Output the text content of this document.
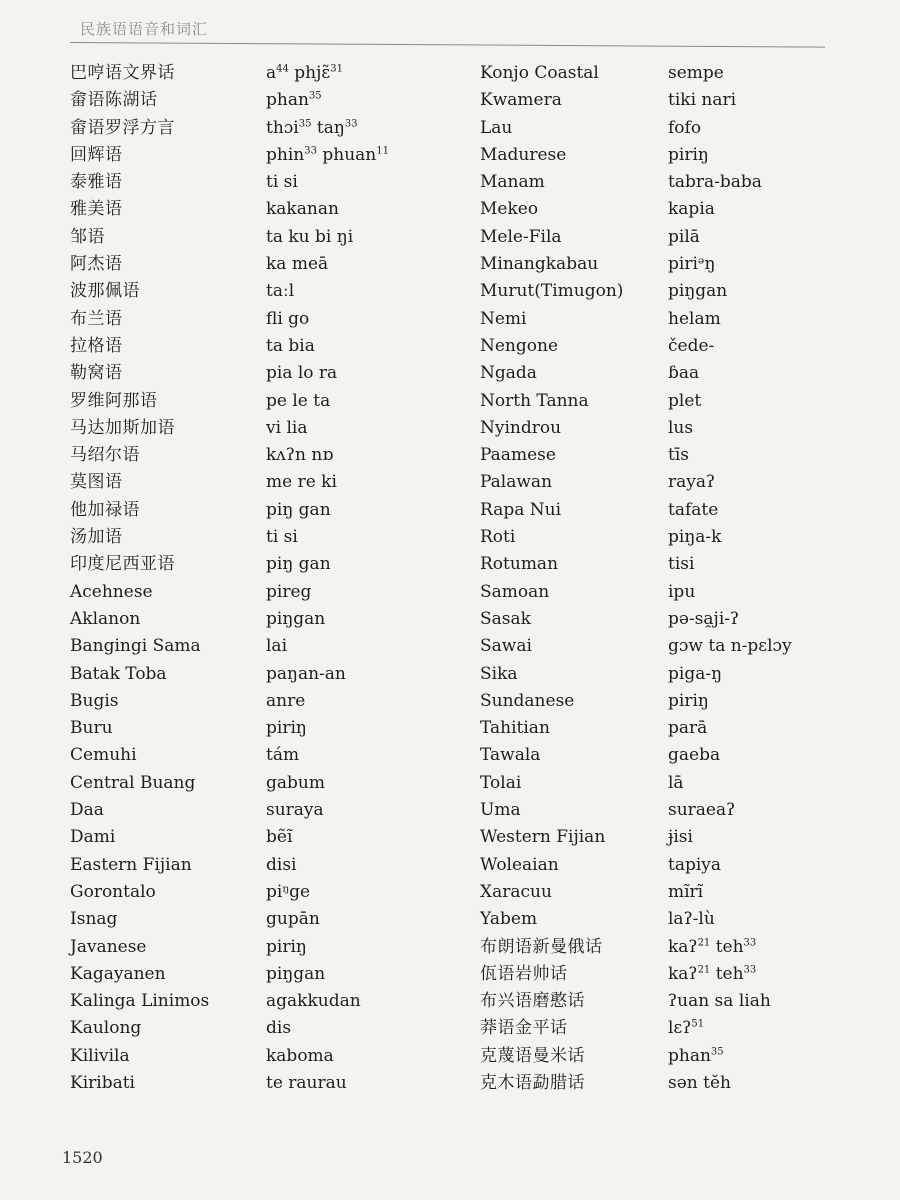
民族语语音和词汇
巴哼语文界话
畲语陈湖话
畲语罗浮方言
回辉语
泰雅语
雅美语
邹语
阿杰语
波那佩语
布兰语
拉格语
勒窝语
罗维阿那语
马达加斯加语
马绍尔语
莫图语
他加禄语
汤加语
印度尼西亚语
Acehnese
Aklanon
Bangingi Sama
Batak Toba
Bugis
Buru
Cemuhi
Central Buang
Daa
Dami
Eastern Fijian
Gorontalo
Isnag
Javanese
Kagayanen
Kalinga Linimos
Kaulong
Kilivila
Kiribati
$a^{44}$ phjɛ̃$^{31}$
phan$^{35}$
thɔi$^{35}$ taŋ$^{33}$
phin$^{33}$ phuan$^{11}$
ti si
kakanan
ta ku bi ŋi
ka meā
taːl
fli go
ta bia
pia lo ra
pe le ta
vi lia
kʌʔn nɒ
me re ki
piŋ gan
ti si
piŋ gan
pireg
piŋgan
lai
paŋan-an
anre
piriŋ
tám
gabum
suraya
bẽĩ
disi
piᵑge
gupān
piriŋ
piŋgan
agakkudan
dis
kaboma
te raurau
Konjo Coastal
Kwamera
Lau
Madurese
Manam
Mekeo
Mele-Fila
Minangkabau
Murut(Timugon)
Nemi
Nengone
Ngada
North Tanna
Nyindrou
Paamese
Palawan
Rapa Nui
Roti
Rotuman
Samoan
Sasak
Sawai
Sika
Sundanese
Tahitian
Tawala
Tolai
Uma
Western Fijian
Woleaian
Xaracuu
Yabem
布朗语新曼俄话
佤语岩帅话
布兴语磨憨话
莽语金平话
克蔑语曼米话
克木语勐腊话
sempe
tiki nari
fofo
piriŋ
tabra-baba
kapia
pilā
piriᵊŋ
piŋgan
helam
čede-
ɓaa
plet
lus
tīs
rayaʔ
tafate
piŋa-k
tisi
ipu
pə-sa̯ji-ʔ
gɔw ta n-pɛlɔy
piga-ŋ
piriŋ
parā
gaeba
lā
suraeaʔ
ɉisi
tapiya
mĩrĩ
laʔ-lù
kaʔ$^{21}$ teh$^{33}$
kaʔ$^{21}$ teh$^{33}$
ʔuan sa liah
lɛʔ$^{51}$
phan$^{35}$
sən tĕh
1520
